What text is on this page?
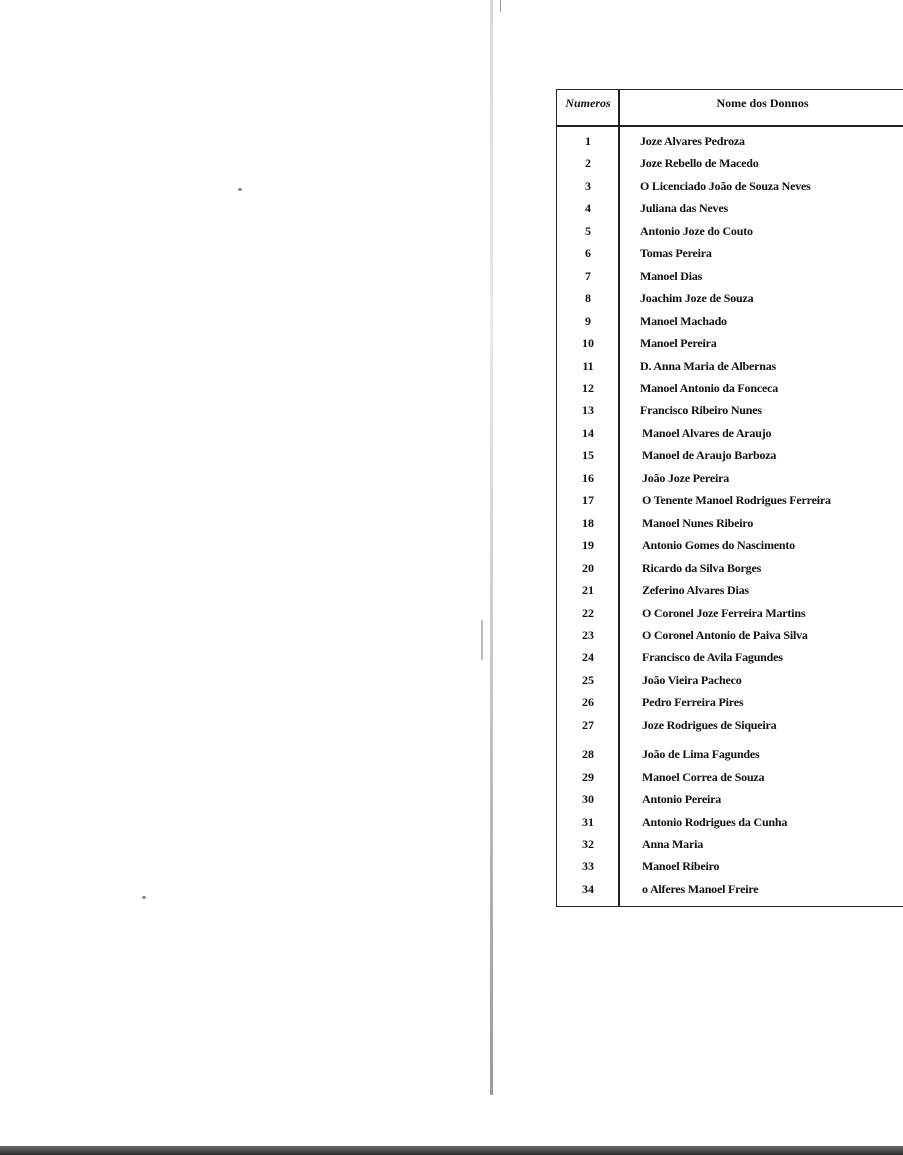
Numeros	Nome dos Donnos
1	Joze Alvares Pedroza
2	Joze Rebello de Macedo
3	O Licenciado João de Souza Neves
4	Juliana das Neves
5	Antonio Joze do Couto
6	Tomas Pereira
7	Manoel Dias
8	Joachim Joze de Souza
9	Manoel Machado
10	Manoel Pereira
11	D. Anna Maria de Albernas
12	Manoel Antonio da Fonceca
13	Francisco Ribeiro Nunes
14	Manoel Alvares de Araujo
15	Manoel de Araujo Barboza
16	João Joze Pereira
17	O Tenente Manoel Rodrigues Ferreira
18	Manoel Nunes Ribeiro
19	Antonio Gomes do Nascimento
20	Ricardo da Silva Borges
21	Zeferino Alvares Dias
22	O Coronel Joze Ferreira Martins
23	O Coronel Antonio de Paiva Silva
24	Francisco de Avila Fagundes
25	João Vieira Pacheco
26	Pedro Ferreira Pires
27	Joze Rodrigues de Siqueira
28	João de Lima Fagundes
29	Manoel Correa de Souza
30	Antonio Pereira
31	Antonio Rodrigues da Cunha
32	Anna Maria
33	Manoel Ribeiro
34	o Alferes Manoel Freire
